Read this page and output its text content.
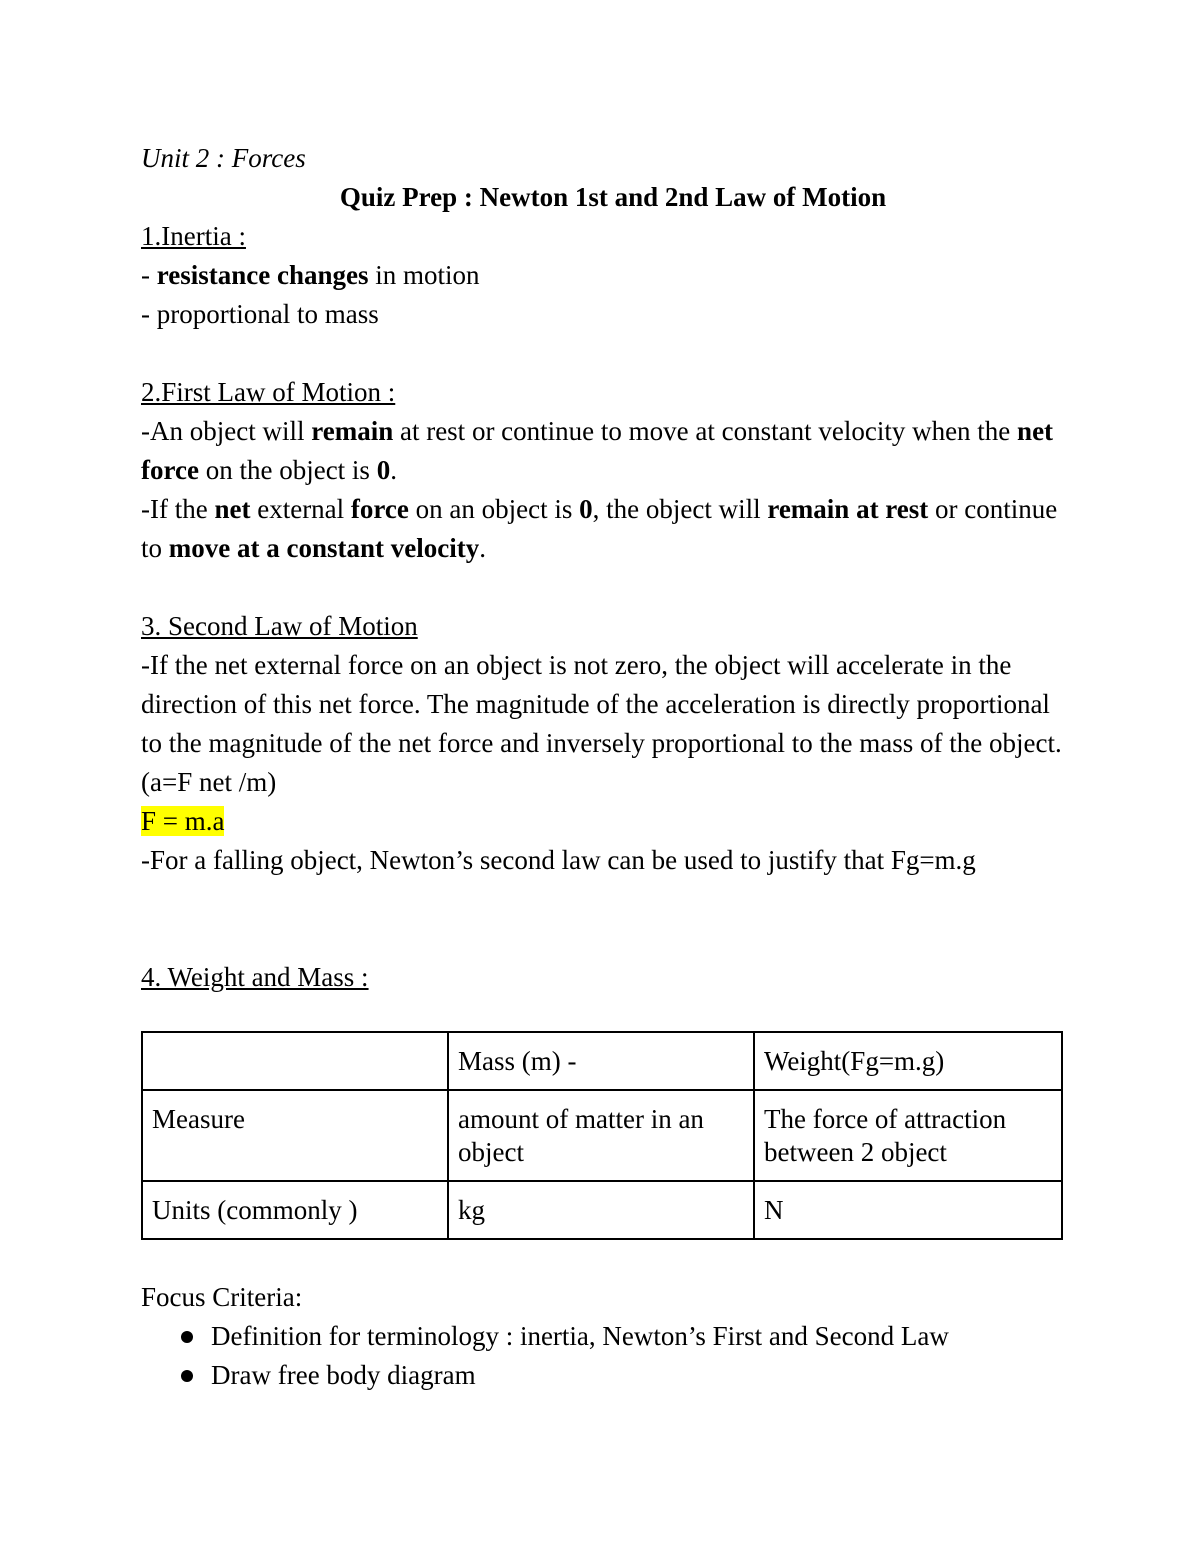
Unit 2 : Forces

Quiz Prep : Newton 1st and 2nd Law of Motion

1.Inertia :

- resistance changes in motion

- proportional to mass

2.First Law of Motion :

-An object will remain at rest or continue to move at constant velocity when the net force on the object is 0.

-If the net external force on an object is 0, the object will remain at rest or continue to move at a constant velocity.

3. Second Law of Motion

-If the net external force on an object is not zero, the object will accelerate in the direction of this net force. The magnitude of the acceleration is directly proportional to the magnitude of the net force and inversely proportional to the mass of the object. (a=F net /m)

F = m.a

-For a falling object, Newton’s second law can be used to justify that Fg=m.g

4. Weight and Mass :

	Mass (m) -	Weight(Fg=m.g)
Measure	amount of matter in an object	The force of attraction between 2 object
Units (commonly )	kg	N

Focus Criteria:

Definition for terminology : inertia, Newton’s First and Second Law
Draw free body diagram
